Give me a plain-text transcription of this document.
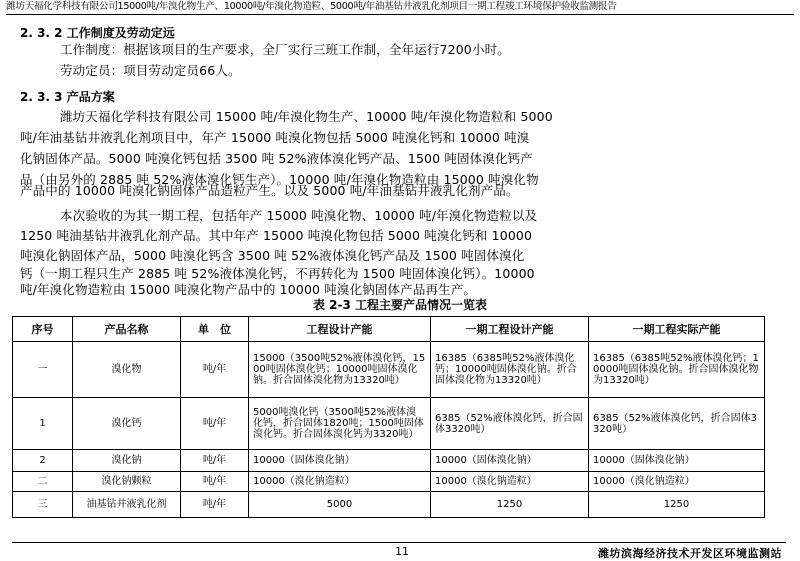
潍坊天福化学科技有限公司15000吨/年溴化物生产、10000吨/年溴化物造粒、5000吨/年油基钻井液乳化剂项目一期工程竣工环境保护验收监测报告
2. 3. 2 工作制度及劳动定远
工作制度：根据该项目的生产要求，全厂实行三班工作制，全年运行7200小时。
劳动定员：项目劳动定员66人。
2. 3. 3 产品方案
潍坊天福化学科技有限公司 15000 吨/年溴化物生产、10000 吨/年溴化物造粒和 5000
吨/年油基钻井液乳化剂项目中，年产 15000 吨溴化物包括 5000 吨溴化钙和 10000 吨溴
化钠固体产品。5000 吨溴化钙包括 3500 吨 52%液体溴化钙产品、1500 吨固体溴化钙产
品（由另外的 2885 吨 52%液体溴化钙生产）。10000 吨/年溴化物造粒由 15000 吨溴化物
产品中的 10000 吨溴化钠固体产品造粒产生。以及 5000 吨/年油基钻井液乳化剂产品。
本次验收的为其一期工程，包括年产 15000 吨溴化物、10000 吨/年溴化物造粒以及
1250 吨油基钻井液乳化剂产品。其中年产 15000 吨溴化物包括 5000 吨溴化钙和 10000
吨溴化钠固体产品，5000 吨溴化钙含 3500 吨 52%液体溴化钙产品及 1500 吨固体溴化
钙（一期工程只生产 2885 吨 52%液体溴化钙，不再转化为 1500 吨固体溴化钙）。10000
吨/年溴化物造粒由 15000 吨溴化物产品中的 10000 吨溴化钠固体产品再生产。
表 2-3 工程主要产品情况一览表
序号	产品名称	单　位	工程设计产能	一期工程设计产能	一期工程实际产能
一	溴化物	吨/年	15000（3500吨52%液体溴化钙，1500吨固体溴化钙；10000吨固体溴化钠。折合固体溴化物为13320吨）	16385（6385吨52%液体溴化钙；10000吨固体溴化钠。折合固体溴化物为13320吨）	16385（6385吨52%液体溴化钙；10000吨固体溴化钠。折合固体溴化物为13320吨）
1	溴化钙	吨/年	5000吨溴化钙（3500吨52%液体溴化钙，折合固体1820吨；1500吨固体溴化钙。折合固体溴化钙为3320吨）	6385（52%液体溴化钙，折合固体3320吨）	6385（52%液体溴化钙，折合固体3320吨）
2	溴化钠	吨/年	10000（固体溴化钠）	10000（固体溴化钠）	10000（固体溴化钠）
二	溴化钠颗粒	吨/年	10000（溴化钠造粒）	10000（溴化钠造粒）	10000（溴化钠造粒）
三	油基钻井液乳化剂	吨/年	5000	1250	1250
11	潍坊滨海经济技术开发区环境监测站
